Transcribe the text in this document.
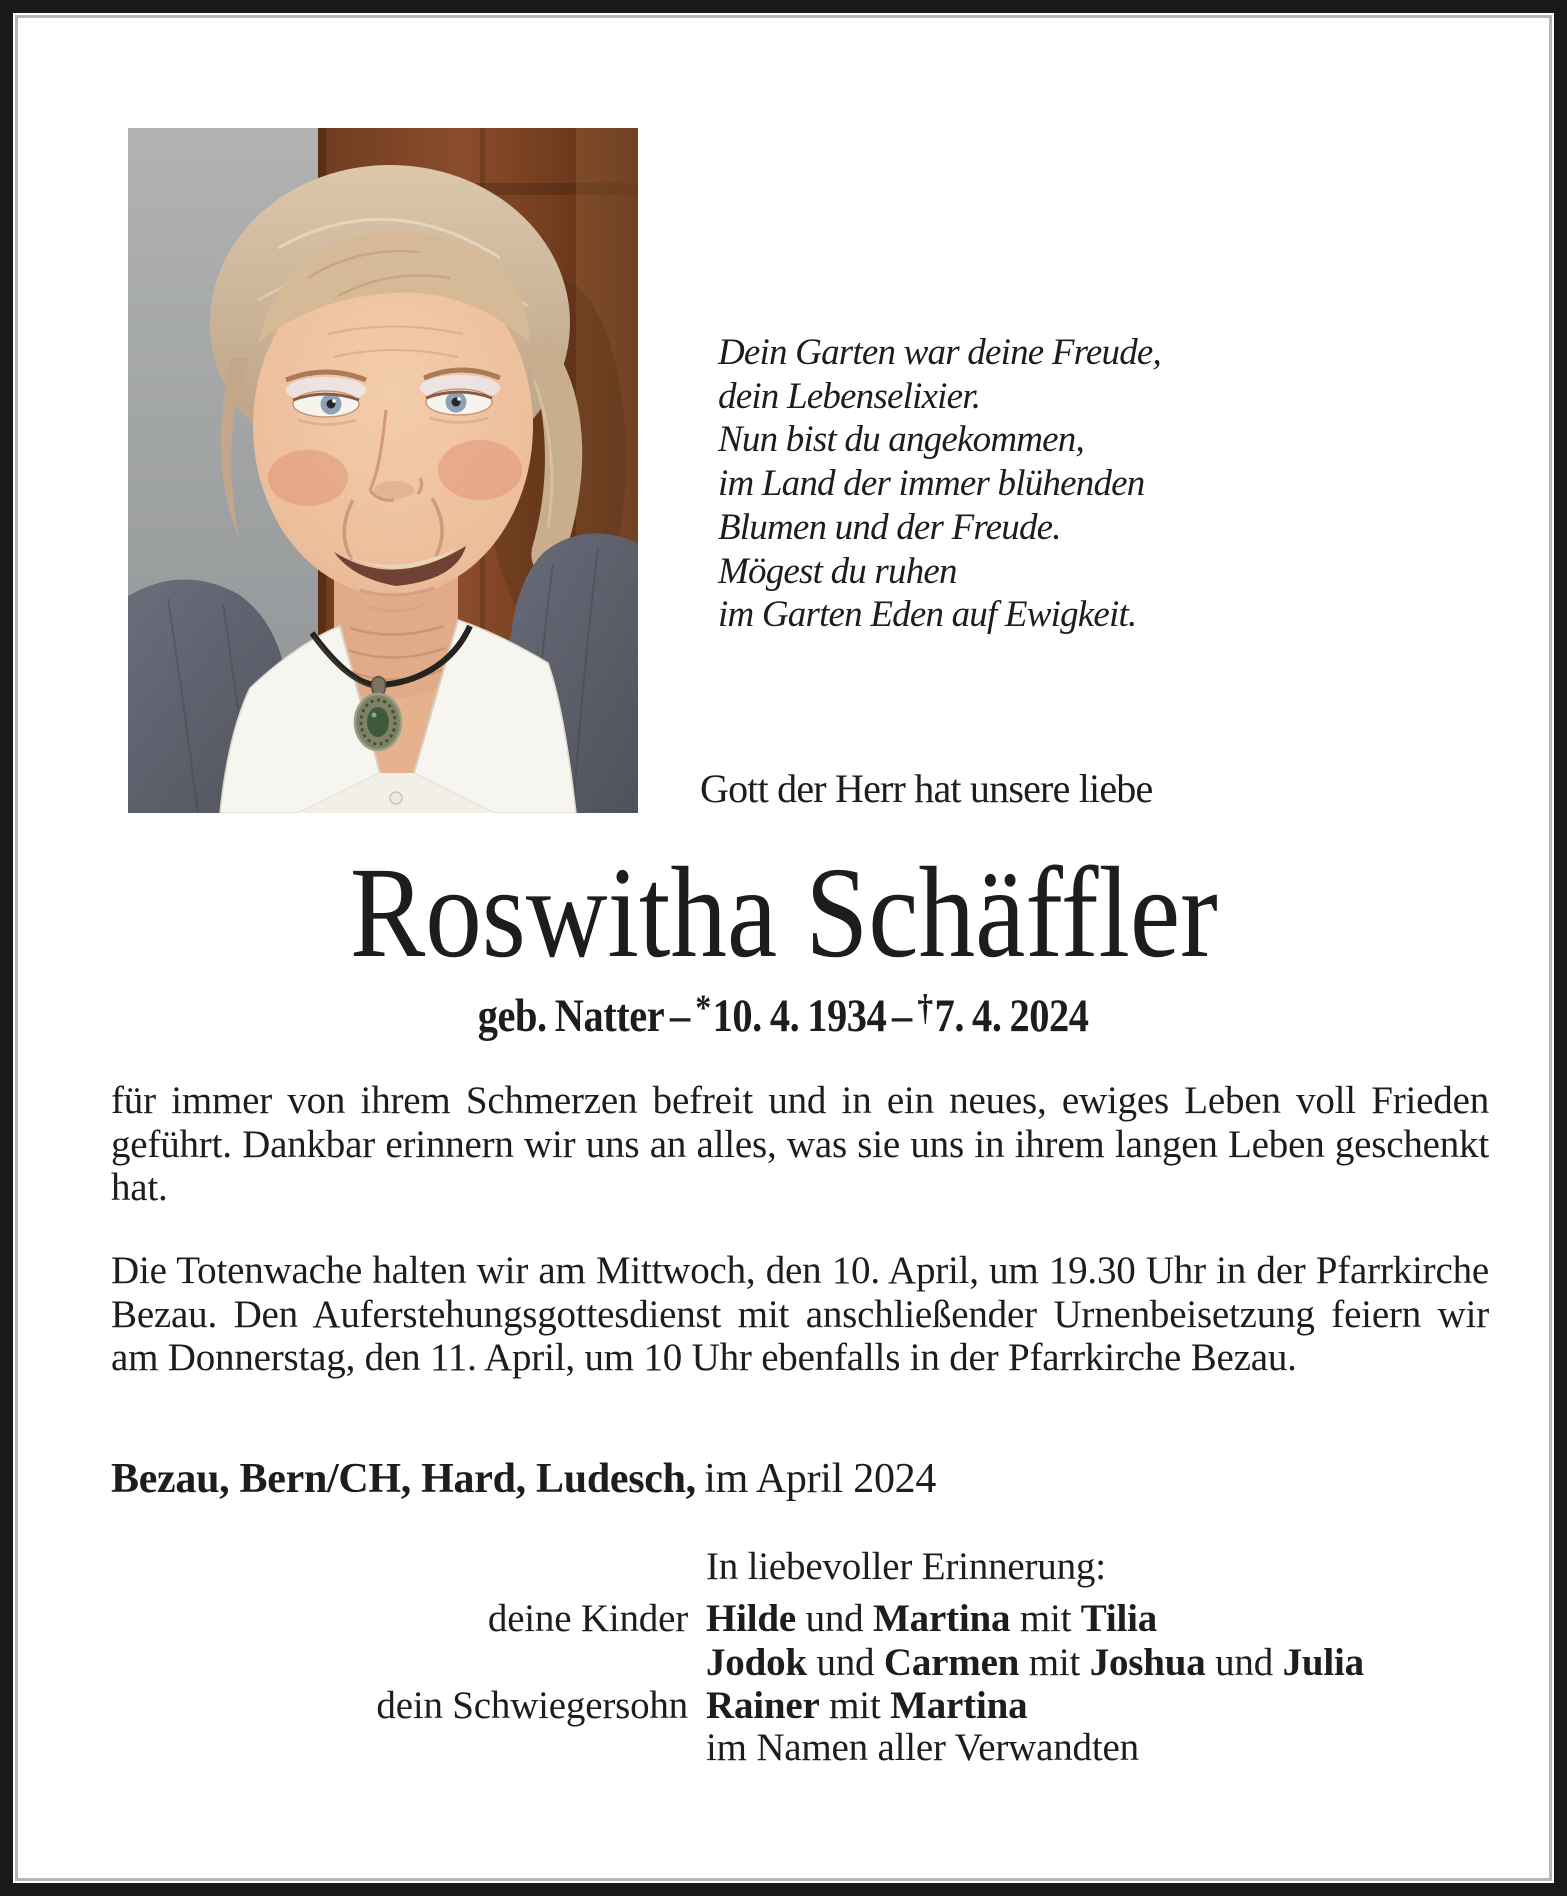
Dein Garten war deine Freude,
dein Lebenselixier.
Nun bist du angekommen,
im Land der immer blühenden
Blumen und der Freude.
Mögest du ruhen
im Garten Eden auf Ewigkeit.
Gott der Herr hat unsere liebe
Roswitha Schäffler
geb. Natter – *10. 4. 1934 – †7. 4. 2024
für immer von ihrem Schmerzen befreit und in ein neues, ewiges Leben voll Frieden geführt. Dankbar erinnern wir uns an alles, was sie uns in ihrem langen Leben geschenkt hat.
Die Totenwache halten wir am Mittwoch, den 10. April, um 19.30 Uhr in der Pfarrkirche Bezau. Den Auferstehungsgottesdienst mit anschließender Urnenbeisetzung feiern wir am Donnerstag, den 11. April, um 10 Uhr ebenfalls in der Pfarrkirche Bezau.
Bezau, Bern/CH, Hard, Ludesch, im April 2024
In liebevoller Erinnerung:
deine Kinder Hilde und Martina mit Tilia
Jodok und Carmen mit Joshua und Julia
dein Schwiegersohn Rainer mit Martina
im Namen aller Verwandten
